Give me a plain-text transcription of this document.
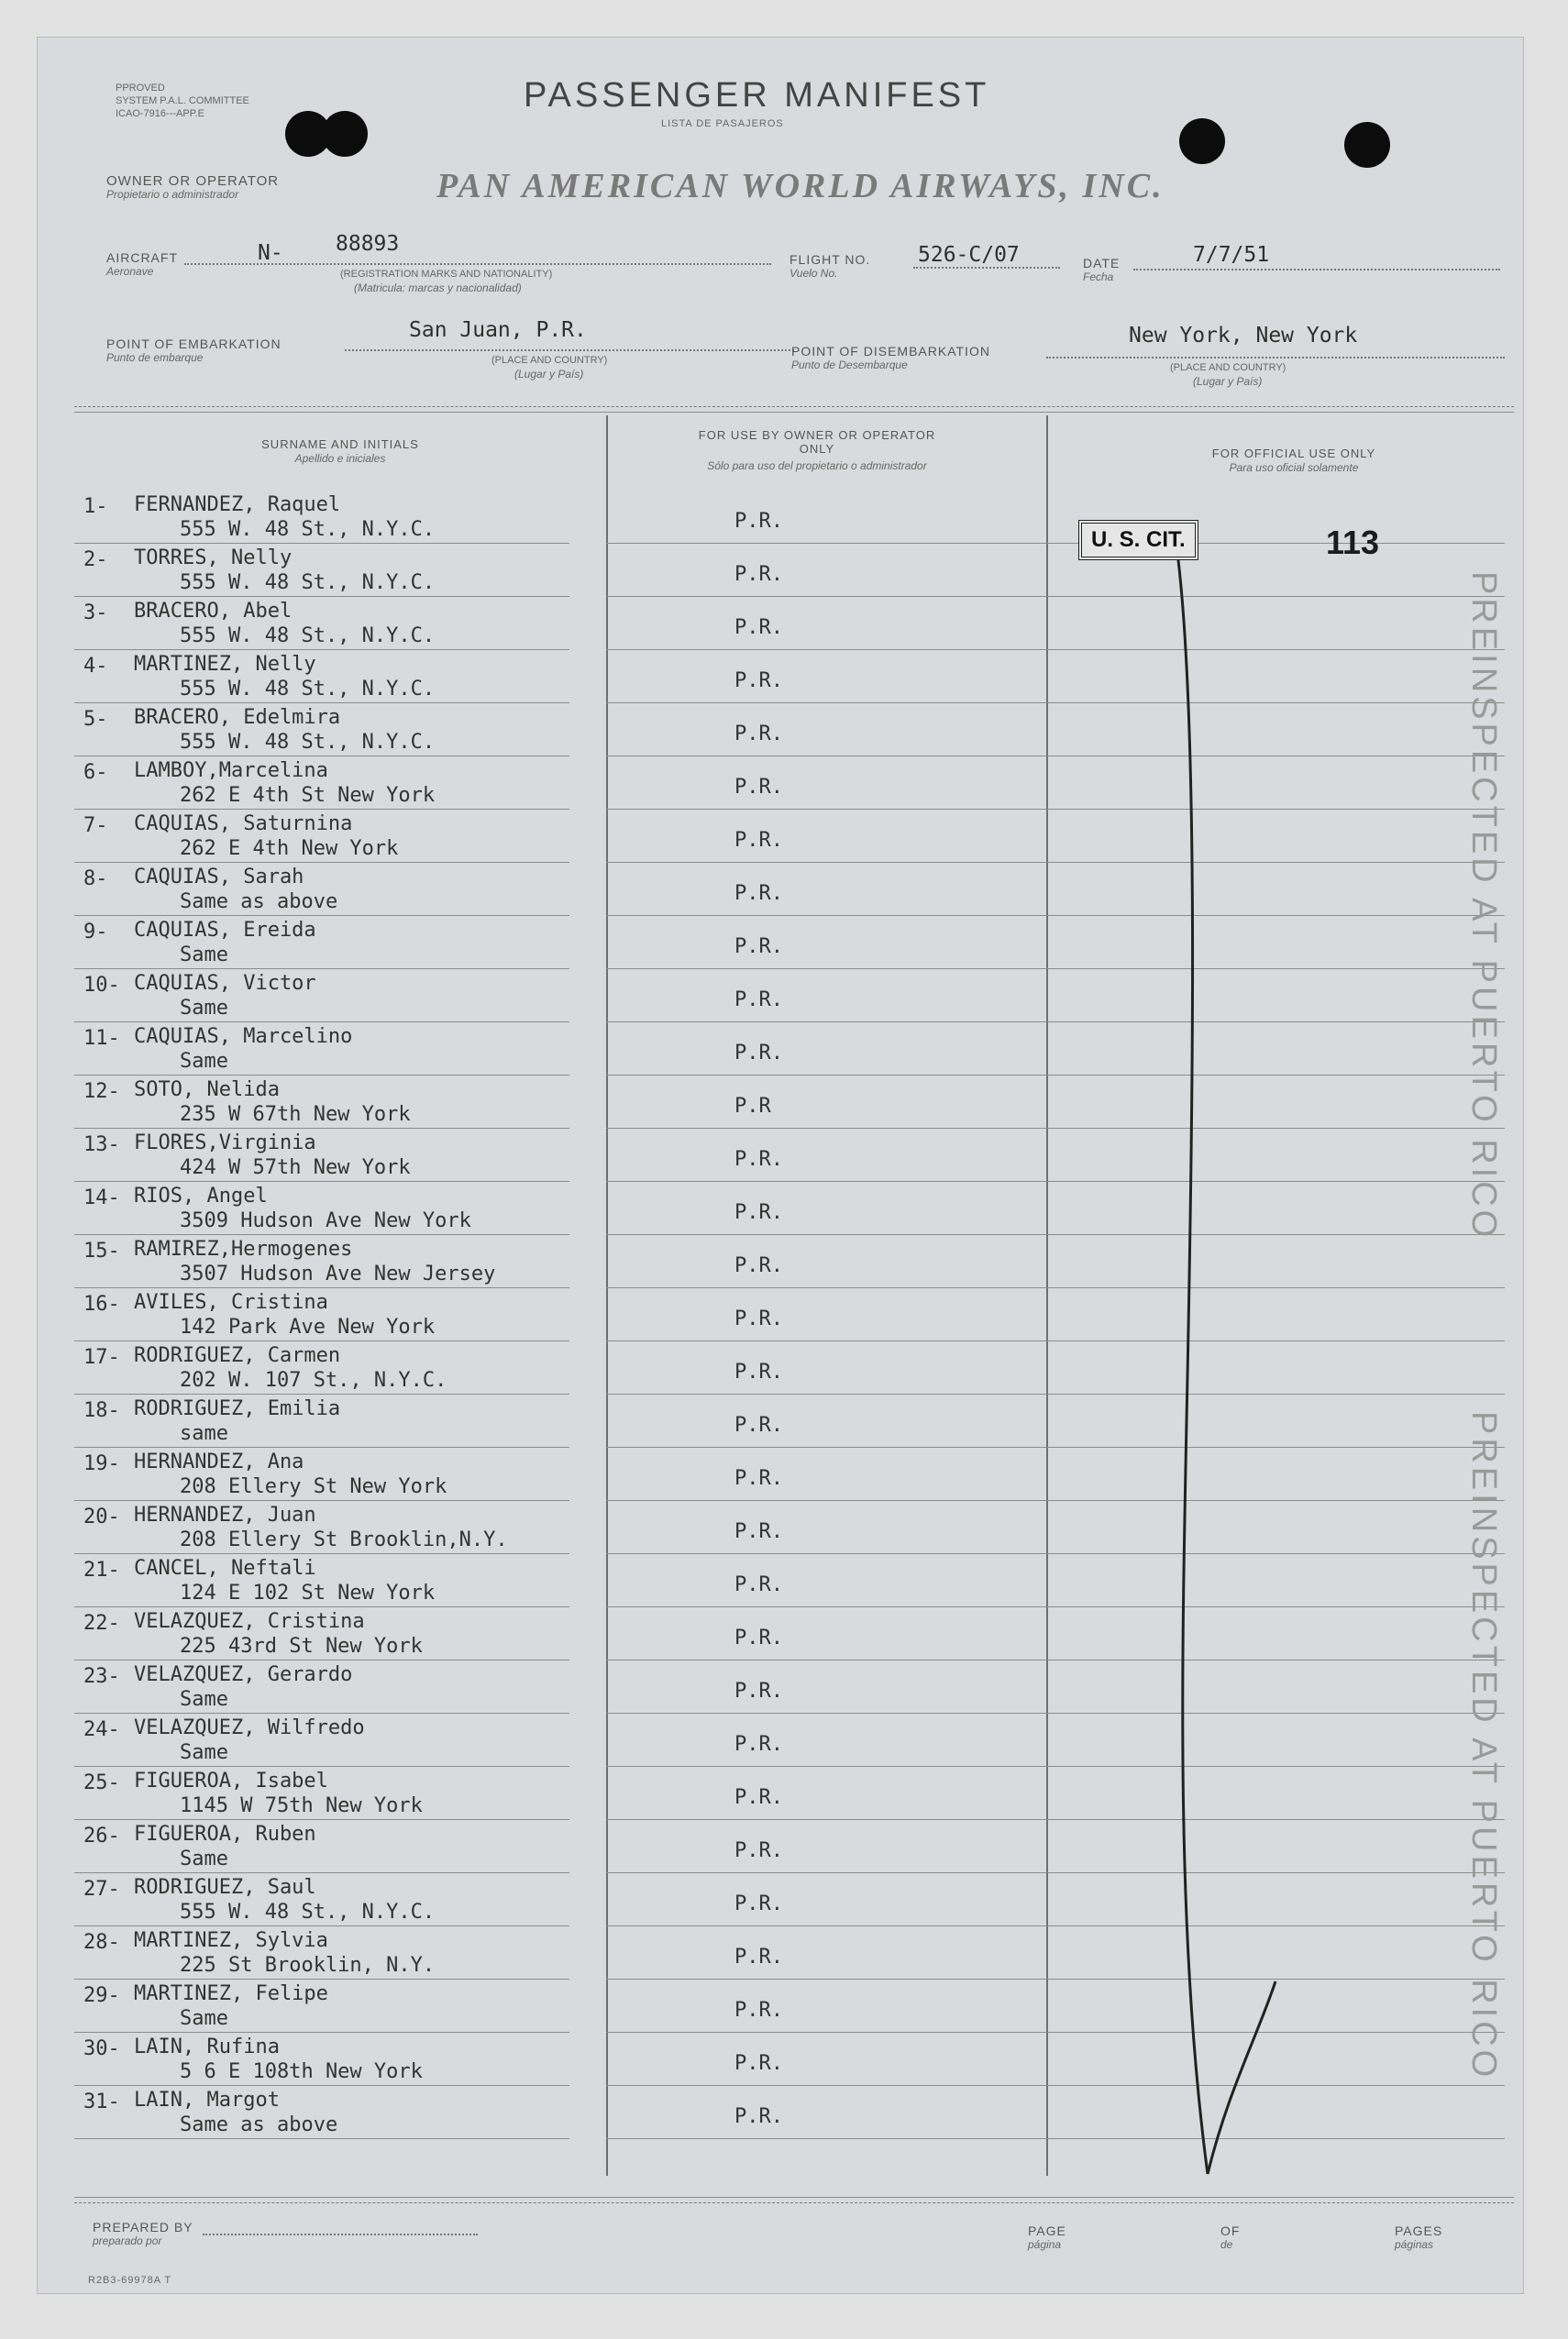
PPROVED
SYSTEM P.A.L. COMMITTEE
ICAO-7916---APP.E	PASSENGER MANIFEST
LISTA DE PASAJEROS
OWNER OR OPERATOR
Propietario o administrador	PAN AMERICAN WORLD AIRWAYS, INC.
AIRCRAFT
Aeronave
N- 88893
(REGISTRATION MARKS AND NATIONALITY)
(Matricula: marcas y nacionalidad)
FLIGHT NO.
Vuelo No.
526-C/07	DATE
Fecha
7/7/51
POINT OF EMBARKATION
Punto de embarque
San Juan, P.R.
(PLACE AND COUNTRY)
(Lugar y País)
POINT OF DISEMBARKATION
Punto de Desembarque
New York, New York
(PLACE AND COUNTRY)
(Lugar y País)
SURNAME AND INITIALS
Apellido e iniciales
FOR USE BY OWNER OR OPERATOR ONLY
Sólo para uso del propietario o administrador
FOR OFFICIAL USE ONLY
Para uso oficial solamente
1-	FERNANDEZ, Raquel
555 W. 48 St., N.Y.C.	P.R.
2-	TORRES, Nelly
555 W. 48 St., N.Y.C.	P.R.
3-	BRACERO, Abel
555 W. 48 St., N.Y.C.	P.R.
4-	MARTINEZ, Nelly
555 W. 48 St., N.Y.C.	P.R.
5-	BRACERO, Edelmira
555 W. 48 St., N.Y.C.	P.R.
6-	LAMBOY,Marcelina
262 E 4th St New York	P.R.
7-	CAQUIAS, Saturnina
262 E 4th New York	P.R.
8-	CAQUIAS, Sarah
Same as above	P.R.
9-	CAQUIAS, Ereida
Same	P.R.
10- CAQUIAS, Victor
Same	P.R.
11- CAQUIAS, Marcelino
Same	P.R.
12- SOTO, Nelida
235 W 67th New York	P.R
13- FLORES,Virginia
424 W 57th New York	P.R.
14- RIOS, Angel
3509 Hudson Ave New York	P.R.
15- RAMIREZ,Hermogenes
3507 Hudson Ave New Jersey	P.R.
16- AVILES, Cristina
142 Park Ave New York	P.R.
17- RODRIGUEZ, Carmen
202 W. 107 St., N.Y.C.	P.R.
18- RODRIGUEZ, Emilia
same	P.R.
19- HERNANDEZ, Ana
208 Ellery St New York	P.R.
20- HERNANDEZ, Juan
208 Ellery St Brooklin,N.Y.	P.R.
21- CANCEL, Neftali
124 E 102 St New York	P.R.
22- VELAZQUEZ, Cristina
225 43rd St New York	P.R.
23- VELAZQUEZ, Gerardo
Same	P.R.
24- VELAZQUEZ, Wilfredo
Same	P.R.
25- FIGUEROA, Isabel
1145 W 75th New York	P.R.
26- FIGUEROA, Ruben
Same	P.R.
27- RODRIGUEZ, Saul
555 W. 48 St., N.Y.C.	P.R.
28- MARTINEZ, Sylvia
225 St Brooklin, N.Y.	P.R.
29- MARTINEZ, Felipe
Same	P.R.
30- LAIN, Rufina
5 6 E 108th New York	P.R.
31- LAIN, Margot
Same as above	P.R.
U. S. CIT.	113
PREINSPECTED AT PUERTO RICO
PREINSPECTED AT PUERTO RICO
PREPARED BY
preparado por
PAGE
página
OF
de
PAGES
páginas
R2B3-69978A T
